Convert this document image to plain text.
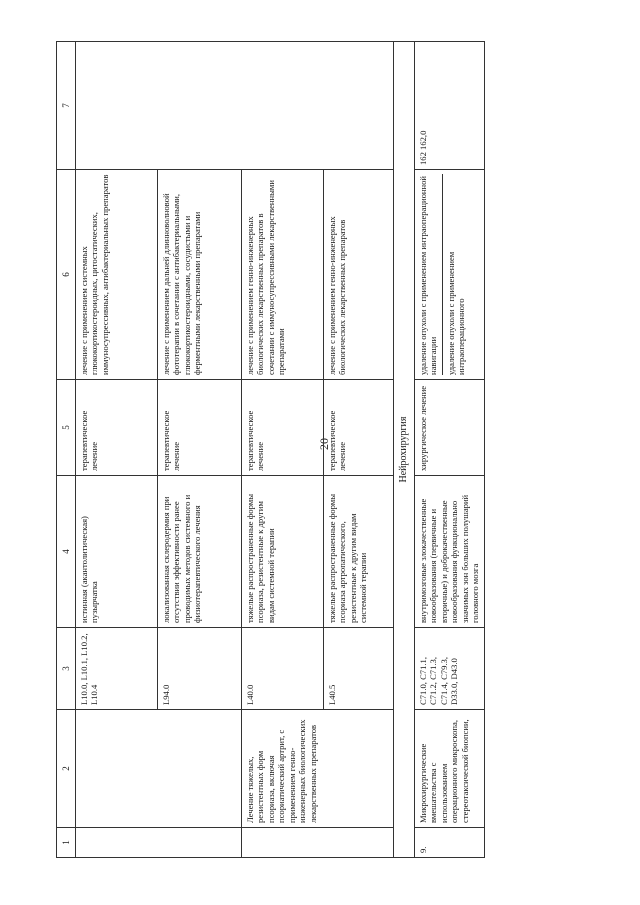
20
1	2	3	4	5	6	7
		L10.0, L10.1, L10.2, L10.4	истинная (акантолитическая) пузырчатка	терапевтическое лечение	лечение с применением системных глюкокортикостероидных, цитостатических, иммуносупрессивных, антибактериальных препаратов	
		L94.0	локализованная склеродермия при отсутствии эффективности ранее проводимых методов системного и физиотерапевтического лечения	терапевтическое лечение	лечение с применением дальней длинноволновой фототерапии в сочетании с антибактериальными, глюкокортикостероидными, сосудистыми и ферментными лекарственными препаратами	
	Лечение тяжелых, резистентных форм псориаза, включая псориатический артрит, с применением генно-инженерных биологических лекарственных препаратов	L40.0	тяжелые распространенные формы псориаза, резистентные к другим видам системной терапии	терапевтическое лечение	лечение с применением генно-инженерных биологических лекарственных препаратов в сочетании с иммуносупрессивными лекарственными препаратами	
		L40.5	тяжелые распространенные формы псориаза артропатического, резистентные к другим видам системной терапии	терапевтическое лечение	лечение с применением генно-инженерных биологических лекарственных препаратов	
Нейрохирургия						
9.	Микрохирургические вмешательства с использованием операционного микроскопа, стереотаксической биопсии,	C71.0, C71.1, C71.2, C71.3, C71.4, C79.3, D33.0, D43.0	внутримозговые злокачественные новообразования (первичные и вторичные) и доброкачественные новообразования функционально значимых зон больших полушарий головного мозга	хирургическое лечение	удаление опухоли с применением интраоперационной навигации удаление опухоли с применением интраоперационного	162 162,0
